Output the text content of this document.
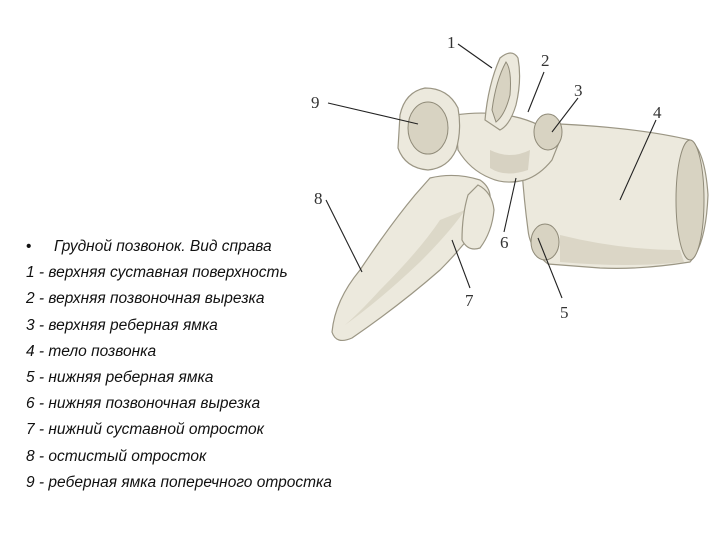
1
2
3
4
5
6
7
8
9
• Грудной позвонок. Вид справа
1 - верхняя суставная поверхность
2 - верхняя позвоночная вырезка
3 - верхняя реберная ямка
4 - тело позвонка
5 - нижняя реберная ямка
6 - нижняя позвоночная вырезка
7 - нижний суставной отросток
8 - остистый отросток
9 - реберная ямка поперечного отростка
